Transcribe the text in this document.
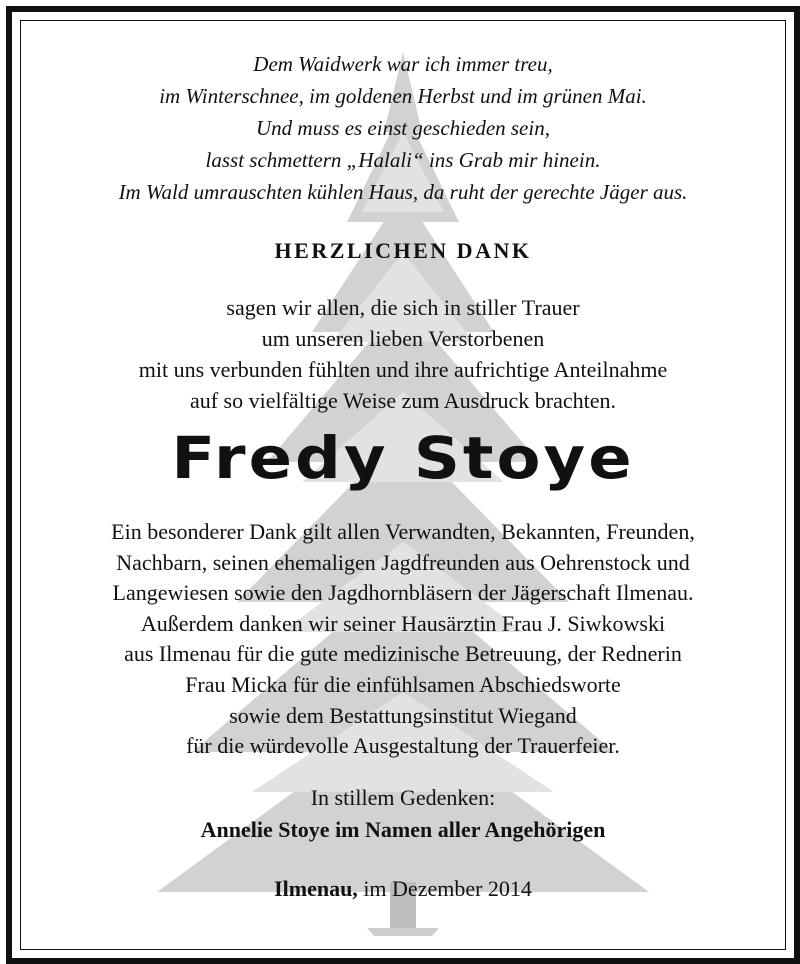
Dem Waidwerk war ich immer treu,

im Winterschnee, im goldenen Herbst und im grünen Mai.

Und muss es einst geschieden sein,

lasst schmettern „Halali“ ins Grab mir hinein.

Im Wald umrauschten kühlen Haus, da ruht der gerechte Jäger aus.

HERZLICHEN DANK

sagen wir allen, die sich in stiller Trauer

um unseren lieben Verstorbenen

mit uns verbunden fühlten und ihre aufrichtige Anteilnahme

auf so vielfältige Weise zum Ausdruck brachten.

Fredy Stoye

Ein besonderer Dank gilt allen Verwandten, Bekannten, Freunden,

Nachbarn, seinen ehemaligen Jagdfreunden aus Oehrenstock und

Langewiesen sowie den Jagdhornbläsern der Jägerschaft Ilmenau.

Außerdem danken wir seiner Hausärztin Frau J. Siwkowski

aus Ilmenau für die gute medizinische Betreuung, der Rednerin

Frau Micka für die einfühlsamen Abschiedsworte

sowie dem Bestattungsinstitut Wiegand

für die würdevolle Ausgestaltung der Trauerfeier.

In stillem Gedenken:

Annelie Stoye im Namen aller Angehörigen

Ilmenau, im Dezember 2014
